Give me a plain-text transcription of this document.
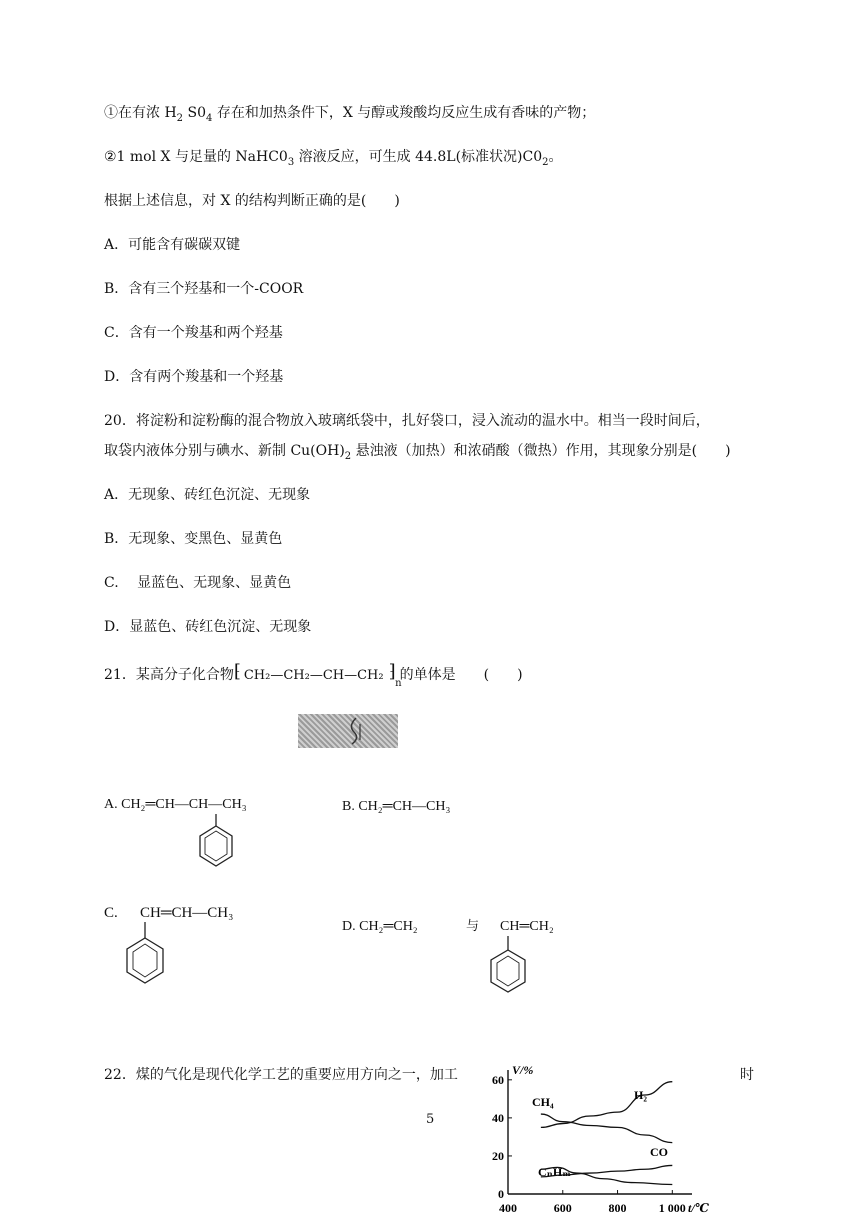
①在有浓 $H_2$ $S0_4$ 存在和加热条件下，X 与醇或羧酸均反应生成有香味的产物；
②1 mol X 与足量的 $NaHC0_3$ 溶液反应，可生成 44.8L(标准状况)$C0_2$。
根据上述信息，对 X 的结构判断正确的是(　　)
A．可能含有碳碳双键
B．含有三个羟基和一个-COOR
C．含有一个羧基和两个羟基
D．含有两个羧基和一个羟基
20．将淀粉和淀粉酶的混合物放入玻璃纸袋中，扎好袋口，浸入流动的温水中。相当一段时间后，
取袋内液体分别与碘水、新制 $Cu(OH)_2$ 悬浊液（加热）和浓硝酸（微热）作用，其现象分别是(　　)
A．无现象、砖红色沉淀、无现象
B．无现象、变黑色、显黄色
C.　 显蓝色、无现象、显黄色
D．显蓝色、砖红色沉淀、无现象
21．某高分子化合物 ⁅ CH₂—CH₂—CH—CH₂ ⁆
n
的单体是　　(　　)
A. CH₂═CH—CH—CH₃	B. CH₂═CH—CH₃
C. CH═CH—CH₃
D. CH₂═CH₂	与 CH═CH₂
22．煤的气化是现代化学工艺的重要应用方向之一，加工	时
5
V/%
t/℃
0
20
40
60
400	600	800	1 000
H₂
CH₄
CₙHₘ
CO
